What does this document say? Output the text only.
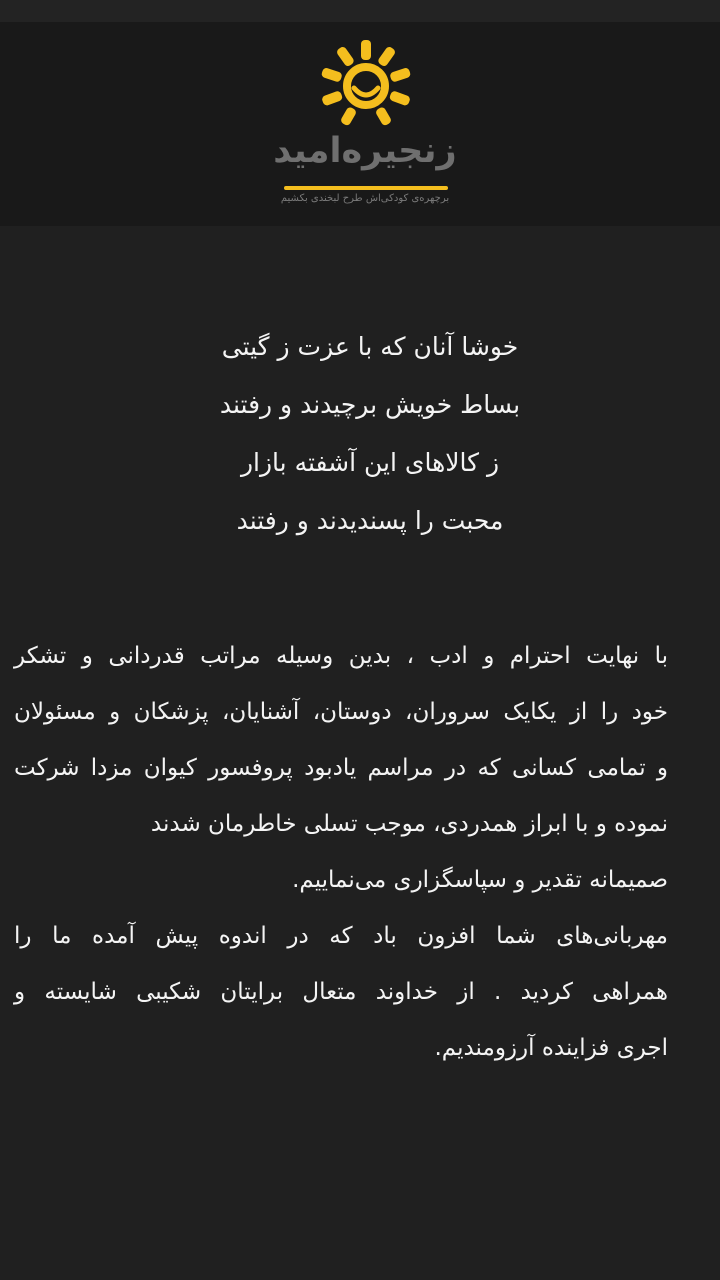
زنجیره‌امید
برچهره‌ی کودکی‌اش طرح لبخندی بکشیم
خوشا آنان که با عزت ز گیتی
بساط خویش برچیدند و رفتند
ز کالاهای این آشفته بازار
محبت را پسندیدند و رفتند
با نهایت احترام و ادب ، بدین وسیله مراتب قدردانی و تشکر
خود را از یکایک سروران، دوستان، آشنایان، پزشکان و مسئولان
و تمامی کسانی که در مراسم یادبود پروفسور کیوان مزدا شرکت
نموده و با ابراز همدردی، موجب تسلی خاطرمان شدند
صمیمانه تقدیر و سپاسگزاری می‌نماییم.
مهربانی‌های شما افزون باد که در اندوه پیش آمده ما را
همراهی کردید . از خداوند متعال برایتان شکیبی شایسته و
اجری فزاینده آرزومندیم.
